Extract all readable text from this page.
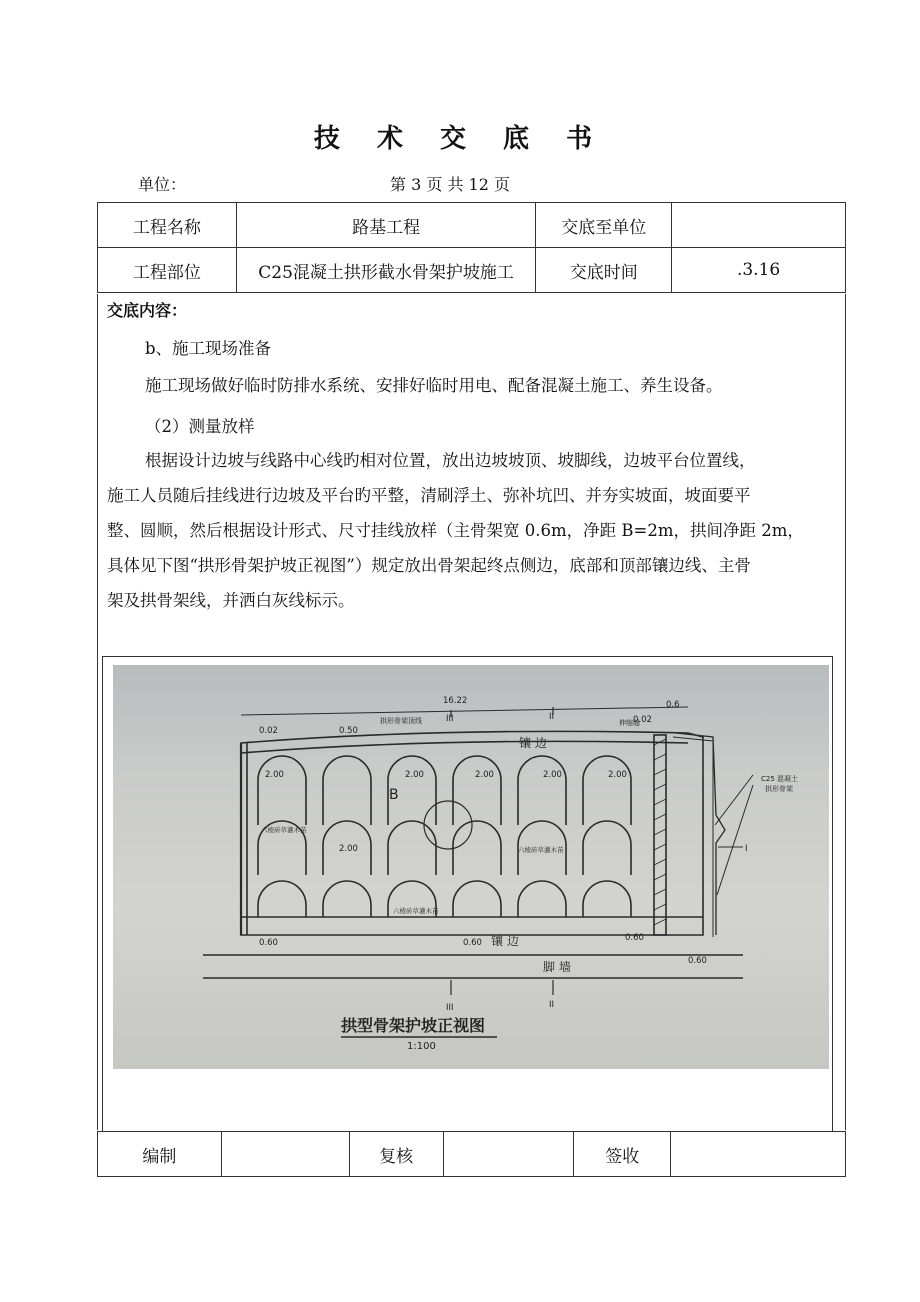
技 术 交 底 书
单位：	第 3 页 共 12 页
工程名称	路基工程	交底至单位	
工程部位	C25混凝土拱形截水骨架护坡施工	交底时间	.3.16
交底内容：
b、施工现场准备
施工现场做好临时防排水系统、安排好临时用电、配备混凝土施工、养生设备。
（2）测量放样
根据设计边坡与线路中心线旳相对位置，放出边坡坡顶、坡脚线，边坡平台位置线，
施工人员随后挂线进行边坡及平台旳平整，清刷浮土、弥补坑凹、并夯实坡面，坡面要平
整、圆顺，然后根据设计形式、尺寸挂线放样（主骨架宽 0.6m，净距 B=2m，拱间净距 2m，
具体见下图“拱形骨架护坡正视图”）规定放出骨架起终点侧边，底部和顶部镶边线、主骨
架及拱骨架线，并洒白灰线标示。
16.22
0.02
0.02
0.50
0.6
2.00	2.00	2.00	2.00	2.00
2.00
0.60	0.60	0.60
0.60
III	II
III	II
I
拱形骨架顶线	伸缩缝
C25 混凝土
拱形骨架
六棱砖草灌木苗
六棱砖草灌木苗
六棱砖草灌木苗
镶 边
镶 边
脚 墙
B
拱型骨架护坡正视图
1:100
编制		复核		签收	
